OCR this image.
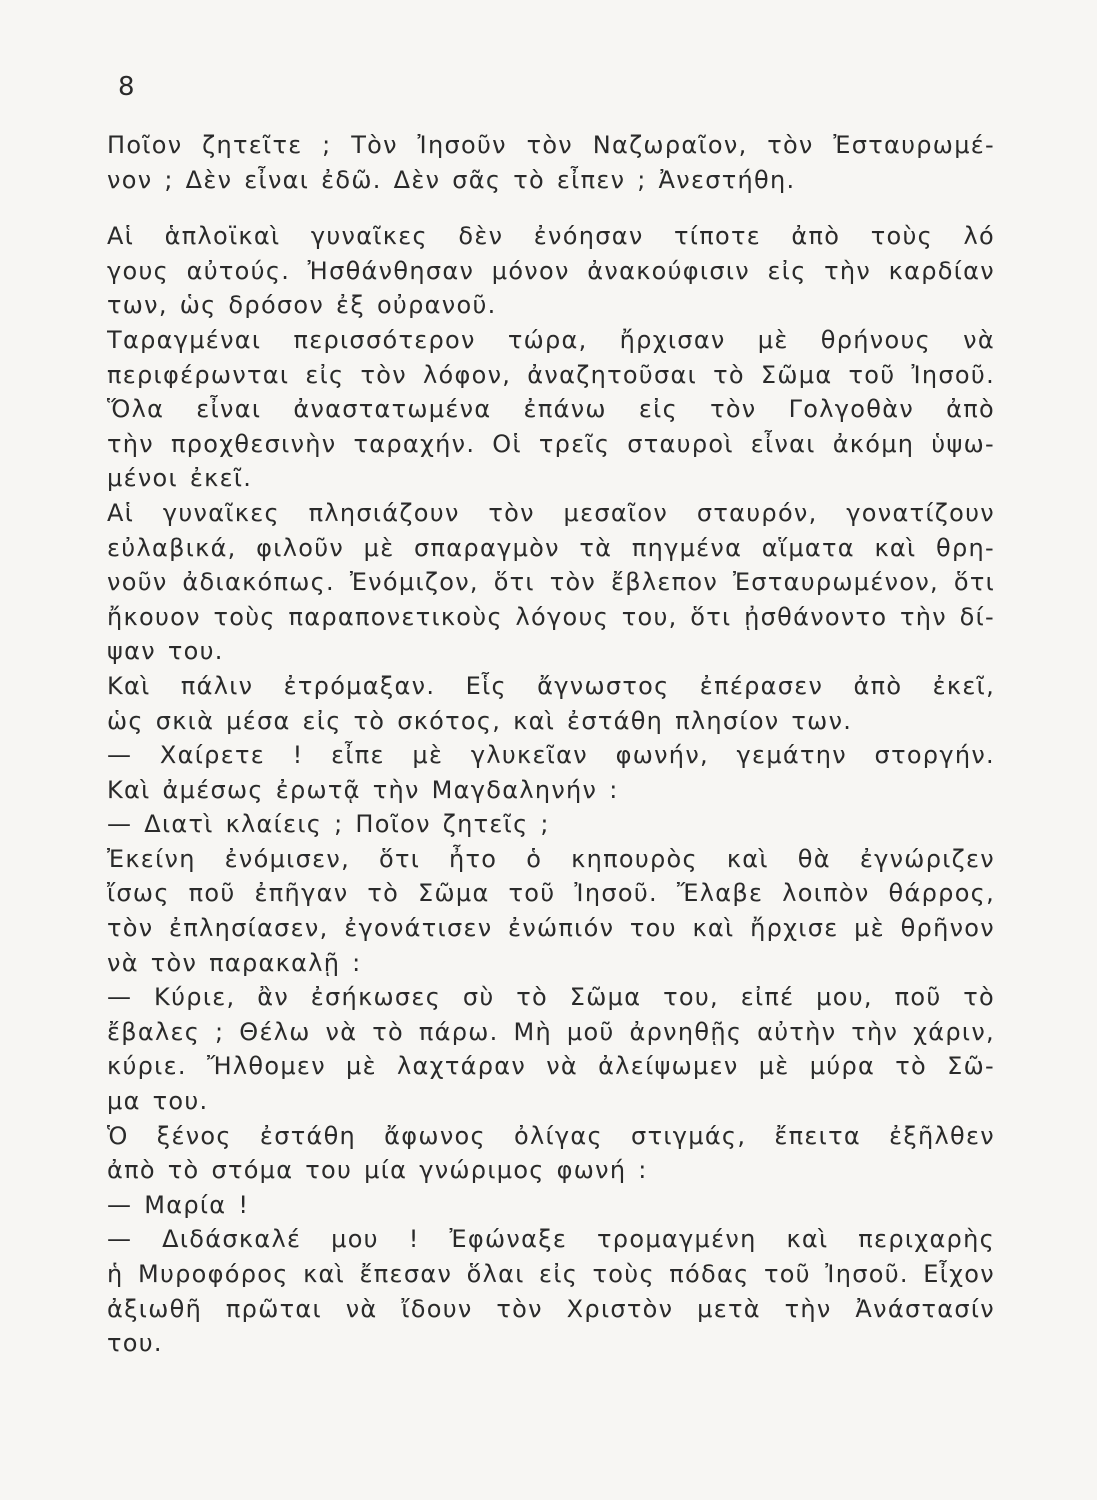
8
Ποῖον ζητεῖτε ; Τὸν Ἰησοῦν τὸν Ναζωραῖον, τὸν Ἐσταυρωμέ-
νον ; Δὲν εἶναι ἐδῶ. Δὲν σᾶς τὸ εἶπεν ; Ἀνεστήθη.
Αἱ ἁπλοϊκαὶ γυναῖκες δὲν ἐνόησαν τίποτε ἀπὸ τοὺς λό
γους αὐτούς. Ἠσθάνθησαν μόνον ἀνακούφισιν εἰς τὴν καρδίαν
των, ὡς δρόσον ἐξ οὐρανοῦ.
Ταραγμέναι περισσότερον τώρα, ἤρχισαν μὲ θρήνους νὰ
περιφέρωνται εἰς τὸν λόφον, ἀναζητοῦσαι τὸ Σῶμα τοῦ Ἰησοῦ.
Ὅλα εἶναι ἀναστατωμένα ἐπάνω εἰς τὸν Γολγοθὰν ἀπὸ
τὴν προχθεσινὴν ταραχήν. Οἱ τρεῖς σταυροὶ εἶναι ἀκόμη ὑψω-
μένοι ἐκεῖ.
Αἱ γυναῖκες πλησιάζουν τὸν μεσαῖον σταυρόν, γονατίζουν
εὐλαβικά, φιλοῦν μὲ σπαραγμὸν τὰ πηγμένα αἵματα καὶ θρη-
νοῦν ἀδιακόπως. Ἐνόμιζον, ὅτι τὸν ἔβλεπον Ἐσταυρωμένον, ὅτι
ἤκουον τοὺς παραπονετικοὺς λόγους του, ὅτι ᾐσθάνοντο τὴν δί-
ψαν του.
Καὶ πάλιν ἐτρόμαξαν. Εἷς ἄγνωστος ἐπέρασεν ἀπὸ ἐκεῖ,
ὡς σκιὰ μέσα εἰς τὸ σκότος, καὶ ἐστάθη πλησίον των.
— Χαίρετε ! εἶπε μὲ γλυκεῖαν φωνήν, γεμάτην στοργήν.
Καὶ ἀμέσως ἐρωτᾷ τὴν Μαγδαληνήν :
— Διατὶ κλαίεις ; Ποῖον ζητεῖς ;
Ἐκείνη ἐνόμισεν, ὅτι ἦτο ὁ κηπουρὸς καὶ θὰ ἐγνώριζεν
ἴσως ποῦ ἐπῆγαν τὸ Σῶμα τοῦ Ἰησοῦ. Ἔλαβε λοιπὸν θάρρος,
τὸν ἐπλησίασεν, ἐγονάτισεν ἐνώπιόν του καὶ ἤρχισε μὲ θρῆνον
νὰ τὸν παρακαλῇ :
— Κύριε, ἂν ἐσήκωσες σὺ τὸ Σῶμα του, εἰπέ μου, ποῦ τὸ
ἔβαλες ; Θέλω νὰ τὸ πάρω. Μὴ μοῦ ἀρνηθῇς αὐτὴν τὴν χάριν,
κύριε. Ἤλθομεν μὲ λαχτάραν νὰ ἀλείψωμεν μὲ μύρα τὸ Σῶ-
μα του.
Ὁ ξένος ἐστάθη ἄφωνος ὀλίγας στιγμάς, ἔπειτα ἐξῆλθεν
ἀπὸ τὸ στόμα του μία γνώριμος φωνή :
— Μαρία !
— Διδάσκαλέ μου ! Ἐφώναξε τρομαγμένη καὶ περιχαρὴς
ἡ Μυροφόρος καὶ ἔπεσαν ὅλαι εἰς τοὺς πόδας τοῦ Ἰησοῦ. Εἶχον
ἀξιωθῆ πρῶται νὰ ἴδουν τὸν Χριστὸν μετὰ τὴν Ἀνάστασίν
του.
